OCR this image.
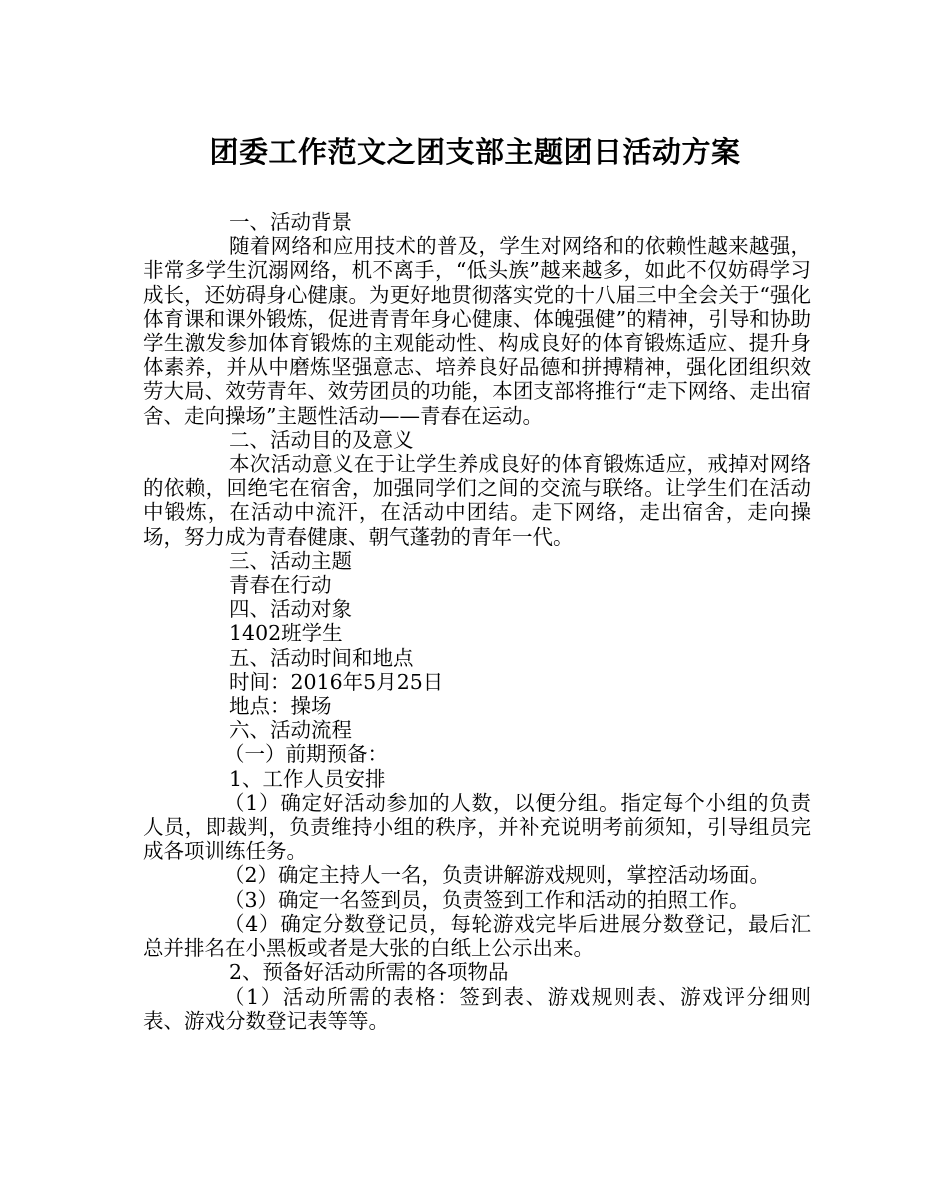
团委工作范文之团支部主题团日活动方案

一、活动背景

随着网络和应用技术的普及，学生对网络和的依赖性越来越强，非常多学生沉溺网络，机不离手，“低头族”越来越多，如此不仅妨碍学习成长，还妨碍身心健康。为更好地贯彻落实党的十八届三中全会关于“强化体育课和课外锻炼，促进青青年身心健康、体魄强健”的精神，引导和协助学生激发参加体育锻炼的主观能动性、构成良好的体育锻炼适应、提升身体素养，并从中磨炼坚强意志、培养良好品德和拼搏精神，强化团组织效劳大局、效劳青年、效劳团员的功能，本团支部将推行“走下网络、走出宿舍、走向操场”主题性活动——青春在运动。

二、活动目的及意义

本次活动意义在于让学生养成良好的体育锻炼适应，戒掉对网络的依赖，回绝宅在宿舍，加强同学们之间的交流与联络。让学生们在活动中锻炼，在活动中流汗，在活动中团结。走下网络，走出宿舍，走向操场，努力成为青春健康、朝气蓬勃的青年一代。

三、活动主题

青春在行动

四、活动对象

1402班学生

五、活动时间和地点

时间：2016年5月25日

地点：操场

六、活动流程

（一）前期预备：

1、工作人员安排

（1）确定好活动参加的人数，以便分组。指定每个小组的负责人员，即裁判，负责维持小组的秩序，并补充说明考前须知，引导组员完成各项训练任务。

（2）确定主持人一名，负责讲解游戏规则，掌控活动场面。

（3）确定一名签到员，负责签到工作和活动的拍照工作。

（4）确定分数登记员，每轮游戏完毕后进展分数登记，最后汇总并排名在小黑板或者是大张的白纸上公示出来。

2、预备好活动所需的各项物品

（1）活动所需的表格：签到表、游戏规则表、游戏评分细则表、游戏分数登记表等等。
